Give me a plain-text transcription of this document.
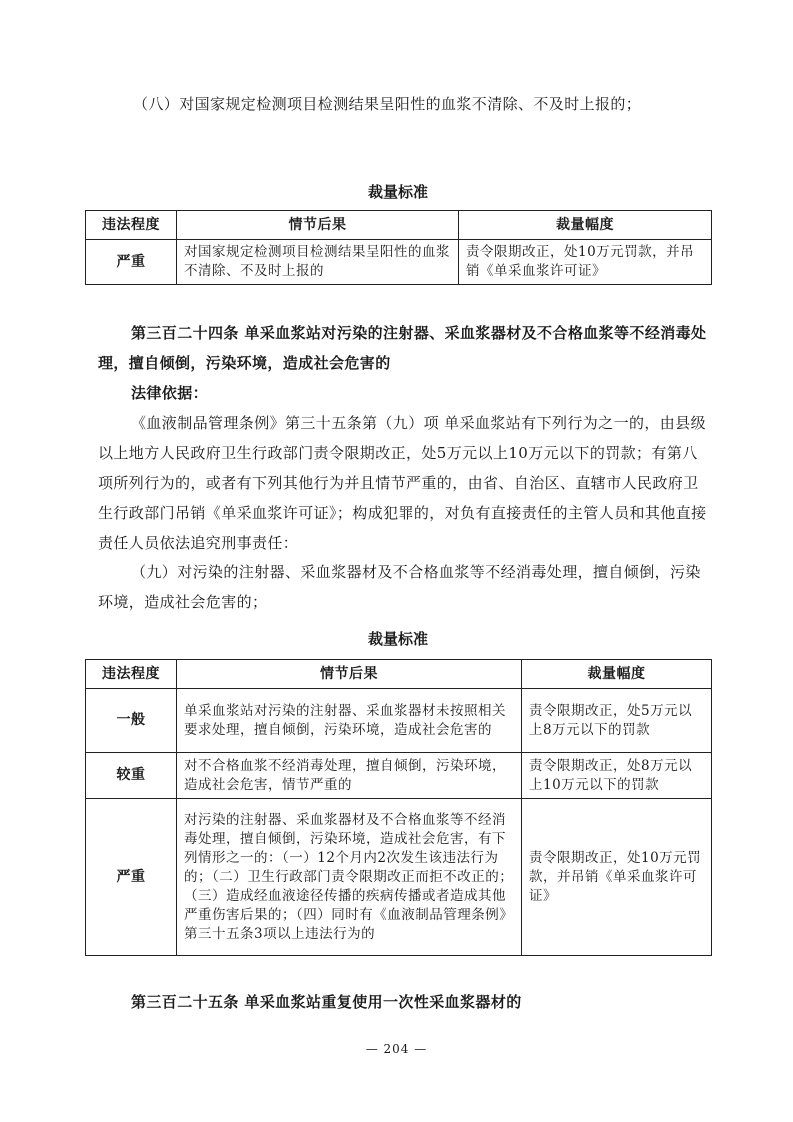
（八）对国家规定检测项目检测结果呈阳性的血浆不清除、不及时上报的；
裁量标准
违法程度	情节后果	裁量幅度
严重	对国家规定检测项目检测结果呈阳性的血浆不清除、不及时上报的	责令限期改正，处10万元罚款，并吊销《单采血浆许可证》
第三百二十四条 单采血浆站对污染的注射器、采血浆器材及不合格血浆等不经消毒处理，擅自倾倒，污染环境，造成社会危害的
法律依据：
《血液制品管理条例》第三十五条第（九）项 单采血浆站有下列行为之一的，由县级以上地方人民政府卫生行政部门责令限期改正，处5万元以上10万元以下的罚款；有第八项所列行为的，或者有下列其他行为并且情节严重的，由省、自治区、直辖市人民政府卫生行政部门吊销《单采血浆许可证》；构成犯罪的，对负有直接责任的主管人员和其他直接责任人员依法追究刑事责任：
（九）对污染的注射器、采血浆器材及不合格血浆等不经消毒处理，擅自倾倒，污染环境，造成社会危害的；
裁量标准
违法程度	情节后果	裁量幅度
一般	单采血浆站对污染的注射器、采血浆器材未按照相关要求处理，擅自倾倒，污染环境，造成社会危害的	责令限期改正，处5万元以上8万元以下的罚款
较重	对不合格血浆不经消毒处理，擅自倾倒，污染环境，造成社会危害，情节严重的	责令限期改正，处8万元以上10万元以下的罚款
严重	对污染的注射器、采血浆器材及不合格血浆等不经消毒处理，擅自倾倒，污染环境，造成社会危害，有下列情形之一的：（一）12个月内2次发生该违法行为的；（二）卫生行政部门责令限期改正而拒不改正的；（三）造成经血液途径传播的疾病传播或者造成其他严重伤害后果的；（四）同时有《血液制品管理条例》第三十五条3项以上违法行为的	责令限期改正，处10万元罚款，并吊销《单采血浆许可证》
第三百二十五条 单采血浆站重复使用一次性采血浆器材的
— 204 —
